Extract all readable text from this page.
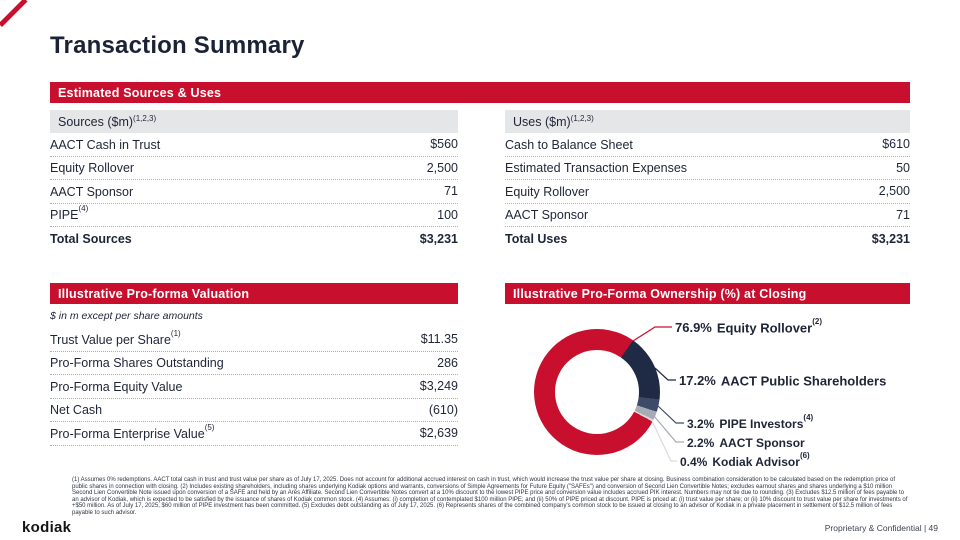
Transaction Summary
Estimated Sources & Uses
Sources ($m)$^{(1,2,3)}$
AACT Cash in Trust	$560
Equity Rollover	2,500
AACT Sponsor	71
PIPE$^{(4)}$	100
Total Sources	$3,231
Uses ($m)$^{(1,2,3)}$
Cash to Balance Sheet	$610
Estimated Transaction Expenses	50
Equity Rollover	2,500
AACT Sponsor	71
Total Uses	$3,231
Illustrative Pro-forma Valuation
$ in m except per share amounts
Trust Value per Share$^{(1)}$	$11.35
Pro-Forma Shares Outstanding	286
Pro-Forma Equity Value	$3,249
Net Cash	(610)
Pro-Forma Enterprise Value$^{(5)}$	$2,639
Illustrative Pro-Forma Ownership (%) at Closing
76.9% Equity Rollover$^{(2)}$
17.2% AACT Public Shareholders
3.2% PIPE Investors$^{(4)}$
2.2% AACT Sponsor
0.4% Kodiak Advisor$^{(6)}$
(1) Assumes 0% redemptions. AACT total cash in trust and trust value per share as of July 17, 2025. Does not account for additional accrued interest on cash in trust, which would increase the trust value per share at closing. Business combination consideration to be calculated based on the redemption price of public shares in connection with closing. (2) Includes existing shareholders, including shares underlying Kodiak options and warrants, conversions of Simple Agreements for Future Equity ("SAFEs") and conversion of Second Lien Convertible Notes; excludes earnout shares and shares underlying a $10 million Second Lien Convertible Note issued upon conversion of a SAFE and held by an Ares Affiliate. Second Lien Convertible Notes convert at a 10% discount to the lowest PIPE price and conversion value includes accrued PIK interest. Numbers may not tie due to rounding. (3) Excludes $12.5 million of fees payable to an advisor of Kodiak, which is expected to be satisfied by the issuance of shares of Kodiak common stock. (4) Assumes: (i) completion of contemplated $100 million PIPE; and (ii) 50% of PIPE priced at discount. PIPE is priced at: (i) trust value per share; or (ii) 10% discount to trust value per share for investments of +$50 million. As of July 17, 2025, $60 million of PIPE investment has been committed. (5) Excludes debt outstanding as of July 17, 2025. (6) Represents shares of the combined company's common stock to be issued at closing to an advisor of Kodiak in a private placement in settlement of $12.5 million of fees payable to such advisor.
kodiak	Proprietary & Confidential | 49
